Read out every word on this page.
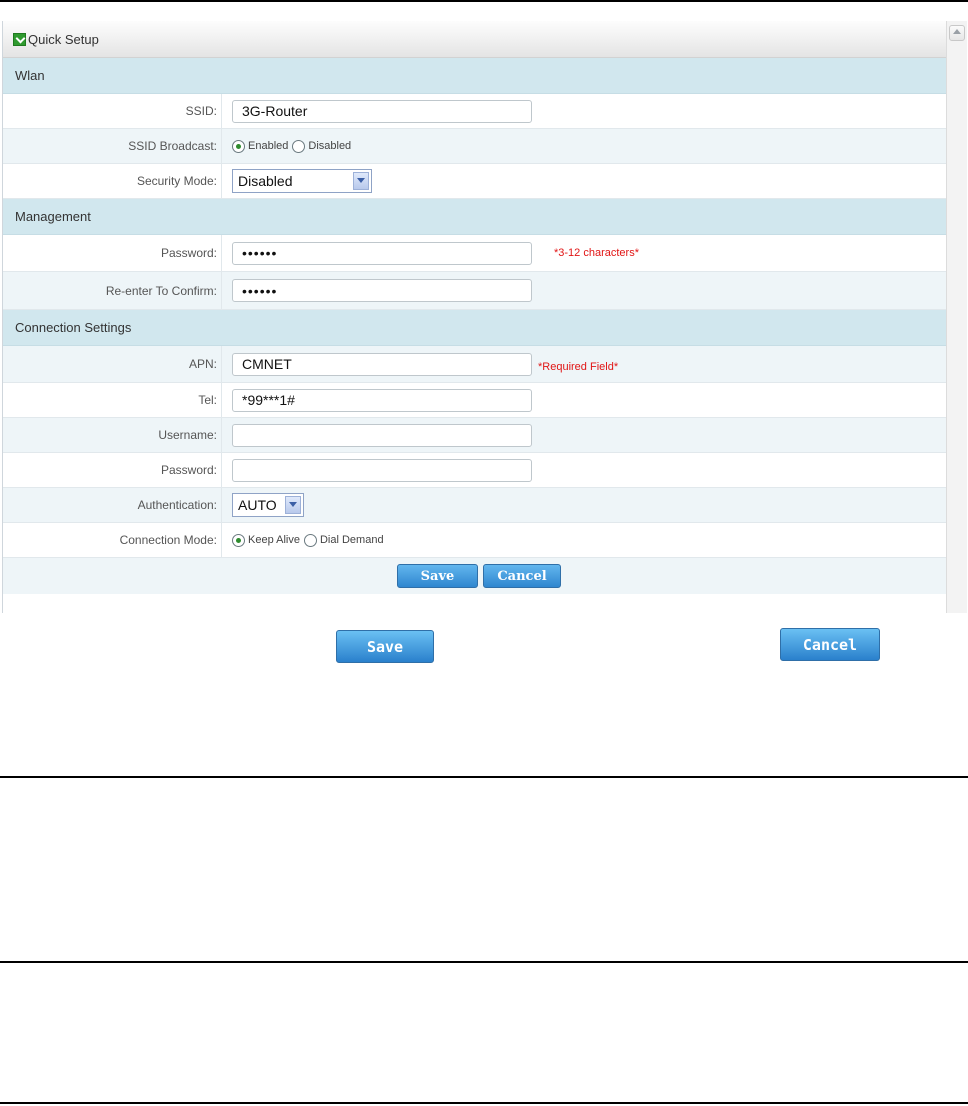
Quick Setup
Wlan
SSID:	3G-Router
SSID Broadcast:	Enabled Disabled
Security Mode: Disabled
Management
Password:	••••••	*3-12 characters*
Re-enter To Confirm:	••••••
Connection Settings
APN:	CMNET	*Required Field*
Tel:	*99***1#
Username:
Password:
Authentication: AUTO
Connection Mode:	Keep Alive Dial Demand
Save	Cancel
Save	Cancel
